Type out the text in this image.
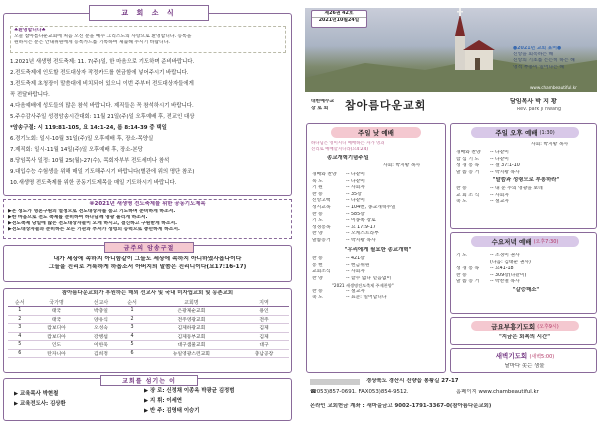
교 회 소 식
♣환영합니다♣
오늘 참아름다운교회에 처음 오신 분을 예수 그리스도의 사랑으로 환영합니다. 등록을
원하시는 분은 안내위원에게 등록카드를 기록하여 제출해 주시기 바랍니다.
1.2021년 새생명 전도축제: 11. 7(주)일, 한 마음으로 기도하며 준비바랍니다.
2.전도축제에 인도할 전도대상자 작정카드를 헌금함에 넣어주시기 바랍니다.
3.전도축제 초청장이 말씀대에 비치되어 있으니 이번 주부터 전도대상자들에게
꼭 전달바랍니다.
4.다음예배에 성도들의 많은 참석 바랍니다. 제직들은 꼭 참석하시기 바랍니다.
5.주수감사주일 성경암송시간대회: 11월 21일(주)일 오후예배 후, 전교인 대상
*암송구절: 시 119:81-105, 요 14:1-24, 롬 8:14-39 중 택일
6.경기노회: 일시-10월 31일(주)일 오후예배 후, 장소-목양실
7.제직회: 일시-11월 14일(주)일 오후예배 후, 장소-본당
8.당임목사 일정: 10월 25(월)-27(수), 목회자부부 전도세미나 참석
9.대입수능 수험생을 위해 매일 기도해주시기 바랍니다(별관에 위의 명단 참조)
10.새생명 전도축제를 위한 공동기도제목을 매일 기도하시기 바랍니다.
※2021년 새생명 전도축제를 위한 공동기도제목
▶온 성도가 영혼구원의 열정으로 전도대상자를 품고 기도하며 준비하게 하소서.
▶한 마음으로 전도 축제를 준비하여 하나님께 영광 돌리게 하소서.
▶전도축제 당일에 많은 전도대상자들이 오게 하시고, 결신하고 구원받게 하소서.
▶전도대상자들과 준비하는 모든 기관과 부서가 성령의 능력으로 충만하게 하소서.
금주의 암송구절
내가 세상에 속하지 아니함같이 그들도 세상에 속하지 아니하였사옵나이다
그들을 진리로 거룩하게 하옵소서 아버지의 말씀은 진리니이다(요17:16-17)
참아름다운교회가 후원하는 해외 선교사 및 국내 미자립교회 및 농촌교회
순서	국가명	선교사	순서	교회명	지역
1	태국	박충일	1	은광제순교회	용인
2	태국	양유식	2	전주영광교회	전주
3	캄보디아	오성숙	3	김제하광교회	김제
4	캄보디아	강병섭	4	김제동부교회	김제
5	인도	이한욱	5	대구샘물교회	대구
6	탄자니아	김희정	6	뉴일영광스런교회	충남공장
교회를 섬기는 이
▶ 교육목사 박현철
▶ 교육전도사: 김상환
▶ 장 로: 신정채 이종옥 박광균 김정범
▶ 지 휘: 이세연
▶ 반 주: 김영태 이승기
제26권 42호
2021년10월24일
●2021년 교회 표어●
신앙을 회복하는 해
신앙의 기초를 든든히 하는 해
영적 부흥이 일어나는 해
www.chambeautiful.kr
대한예수교
장 로 회 참아름다운교회	담임목사 박 지 황
Rev. park ji hwang
주일 낮 예배
하나님은 영이시니 예배하는 자가 영과
진리로 예배할지니라(요4:24)
종교개혁기념주일
사회: 박지황 목사
경배와 찬양	-- 다같이
묵 도	-- 다같이
기 원	-- 사회자
찬 송	-- 35장
신앙고백	-- 다같이
성시교독	-- 104번, 종교개혁주일
찬 송	-- 585장
기 도	-- 이종옥 장로
성경봉독	-- 요 17:9-17
찬 양	-- 오케스트라부
말씀증거	-- 박지황 목사
"우리에게 필요한 종교개혁"
찬 송	-- 421장
봉 헌	-- 헌금위원
교회소식	-- 사회자
찬 양	-- 할수 없다 믿음없이
"2021 새생명전도축제 주제찬양"
찬 송	-- 설교자
축 도	-- 표준: 일어납니다
주일 오후 예배 (1:30)
사회: 박지황 목사
경배와 찬양	-- 다같이
합 심 기 도	-- 다같이
성 경 봉 독	-- 겔 37:1-10
말 씀 증 거	-- 박지황 목사
"말씀과 성령으로 부흥하라"
찬 송	-- 내 눈 주의 영광을 보네
교 회 소 식	-- 사회자
축 도	-- 설교자
수요저녁 예배 (오후7:30)
기 도	-- 조경이 권사
(다음: 김태순 권사)
성 경 봉 독	-- 요41-18
찬 송	-- 309장(다같이)
말 씀 증 거	-- 박찬철 목사
"갈증해소"
금요부흥기도회 (오후9시)
"지금은 회복의 시간"
새벽기도회 (새벽5:00)
날마다 솟는 샘물
경상북도 경산시 진량읍 봉황길 27-17
☎053)857-0691. FAX053)854-9512.	홈페이지 www.chambeautiful.kr
온라인 교회헌금 계좌 : 새마을금고 9002-1791-3367-0(참아름다운교회)
